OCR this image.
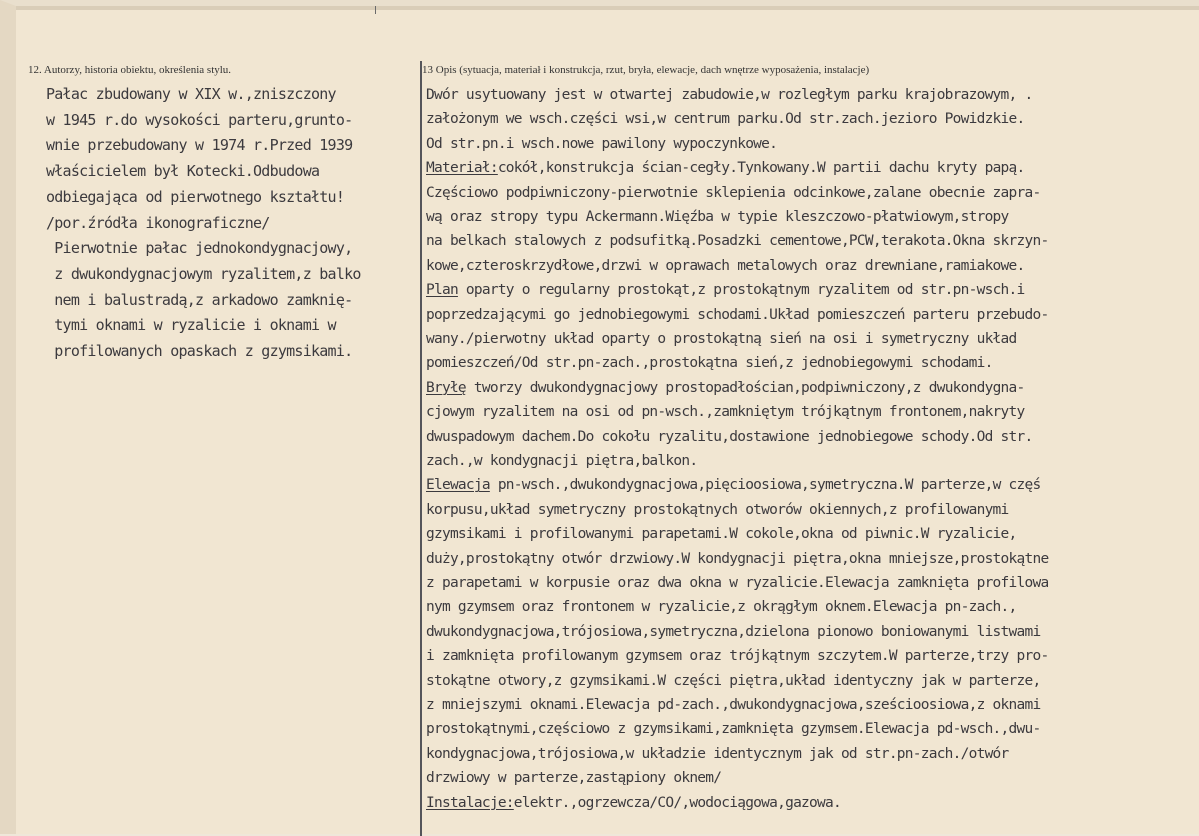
12. Autorzy, historia obiektu, określenia stylu.
Pałac zbudowany w XIX w.,zniszczony
w 1945 r.do wysokości parteru,grunto-
wnie przebudowany w 1974 r.Przed 1939
właścicielem był Kotecki.Odbudowa
odbiegająca od pierwotnego kształtu!
/por.źródła ikonograficzne/
Pierwotnie pałac jednokondygnacjowy,
z dwukondygnacjowym ryzalitem,z balko
nem i balustradą,z arkadowo zamknię-
tymi oknami w ryzalicie i oknami w
profilowanych opaskach z gzymsikami.
13 Opis (sytuacja, materiał i konstrukcja, rzut, bryła, elewacje, dach wnętrze wyposażenia, instalacje)
Dwór usytuowany jest w otwartej zabudowie,w rozległym parku krajobrazowym, .
założonym we wsch.części wsi,w centrum parku.Od str.zach.jezioro Powidzkie.
Od str.pn.i wsch.nowe pawilony wypoczynkowe.
Materiał:cokół,konstrukcja ścian-cegły.Tynkowany.W partii dachu kryty papą.
Częściowo podpiwniczony-pierwotnie sklepienia odcinkowe,zalane obecnie zapra-
wą oraz stropy typu Ackermann.Więźba w typie kleszczowo-płatwiowym,stropy
na belkach stalowych z podsufitką.Posadzki cementowe,PCW,terakota.Okna skrzyn-
kowe,czteroskrzydłowe,drzwi w oprawach metalowych oraz drewniane,ramiakowe.
Plan oparty o regularny prostokąt,z prostokątnym ryzalitem od str.pn-wsch.i
poprzedzającymi go jednobiegowymi schodami.Układ pomieszczeń parteru przebudo-
wany./pierwotny układ oparty o prostokątną sień na osi i symetryczny układ
pomieszczeń/Od str.pn-zach.,prostokątna sień,z jednobiegowymi schodami.
Bryłę tworzy dwukondygnacjowy prostopadłościan,podpiwniczony,z dwukondygna-
cjowym ryzalitem na osi od pn-wsch.,zamkniętym trójkątnym frontonem,nakryty
dwuspadowym dachem.Do cokołu ryzalitu,dostawione jednobiegowe schody.Od str.
zach.,w kondygnacji piętra,balkon.
Elewacja pn-wsch.,dwukondygnacjowa,pięcioosiowa,symetryczna.W parterze,w częś
korpusu,układ symetryczny prostokątnych otworów okiennych,z profilowanymi
gzymsikami i profilowanymi parapetami.W cokole,okna od piwnic.W ryzalicie,
duży,prostokątny otwór drzwiowy.W kondygnacji piętra,okna mniejsze,prostokątne
z parapetami w korpusie oraz dwa okna w ryzalicie.Elewacja zamknięta profilowa
nym gzymsem oraz frontonem w ryzalicie,z okrągłym oknem.Elewacja pn-zach.,
dwukondygnacjowa,trójosiowa,symetryczna,dzielona pionowo boniowanymi listwami
i zamknięta profilowanym gzymsem oraz trójkątnym szczytem.W parterze,trzy pro-
stokątne otwory,z gzymsikami.W części piętra,układ identyczny jak w parterze,
z mniejszymi oknami.Elewacja pd-zach.,dwukondygnacjowa,sześcioosiowa,z oknami
prostokątnymi,częściowo z gzymsikami,zamknięta gzymsem.Elewacja pd-wsch.,dwu-
kondygnacjowa,trójosiowa,w układzie identycznym jak od str.pn-zach./otwór
drzwiowy w parterze,zastąpiony oknem/
Instalacje:elektr.,ogrzewcza/CO/,wodociągowa,gazowa.
